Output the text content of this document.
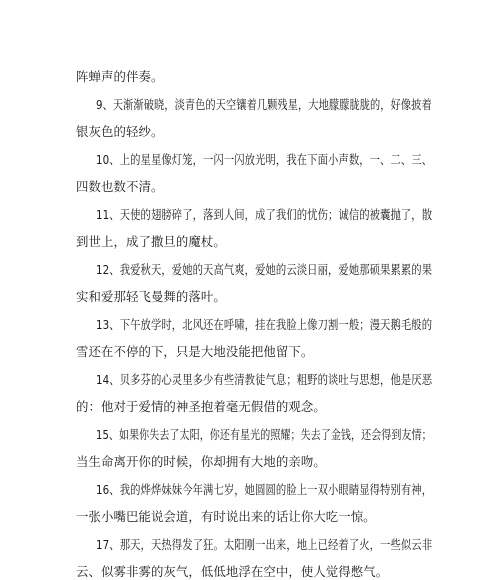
阵蝉声的伴奏。
9、天渐渐破晓，淡青色的天空镶着几颗残星，大地朦朦胧胧的，好像披着
银灰色的轻纱。
10、上的星星像灯笼，一闪一闪放光明，我在下面小声数，一、二、三、
四数也数不清。
11、天使的翅膀碎了，落到人间，成了我们的忧伤；诚信的被囊抛了，散
到世上，成了撒旦的魔杖。
12、我爱秋天，爱她的天高气爽，爱她的云淡日丽，爱她那硕果累累的果
实和爱那轻飞曼舞的落叶。
13、下午放学时，北风还在呼啸，挂在我脸上像刀割一般；漫天鹅毛般的
雪还在不停的下，只是大地没能把他留下。
14、贝多芬的心灵里多少有些清教徒气息；粗野的谈吐与思想，他是厌恶
的：他对于爱情的神圣抱着毫无假借的观念。
15、如果你失去了太阳，你还有星光的照耀；失去了金钱，还会得到友情；
当生命离开你的时候，你却拥有大地的亲吻。
16、我的烨烨妹妹今年满七岁，她圆圆的脸上一双小眼睛显得特别有神，
一张小嘴巴能说会道，有时说出来的话让你大吃一惊。
17、那天，天热得发了狂。太阳刚一出来，地上已经着了火，一些似云非
云、似雾非雾的灰气，低低地浮在空中，使人觉得憋气。
